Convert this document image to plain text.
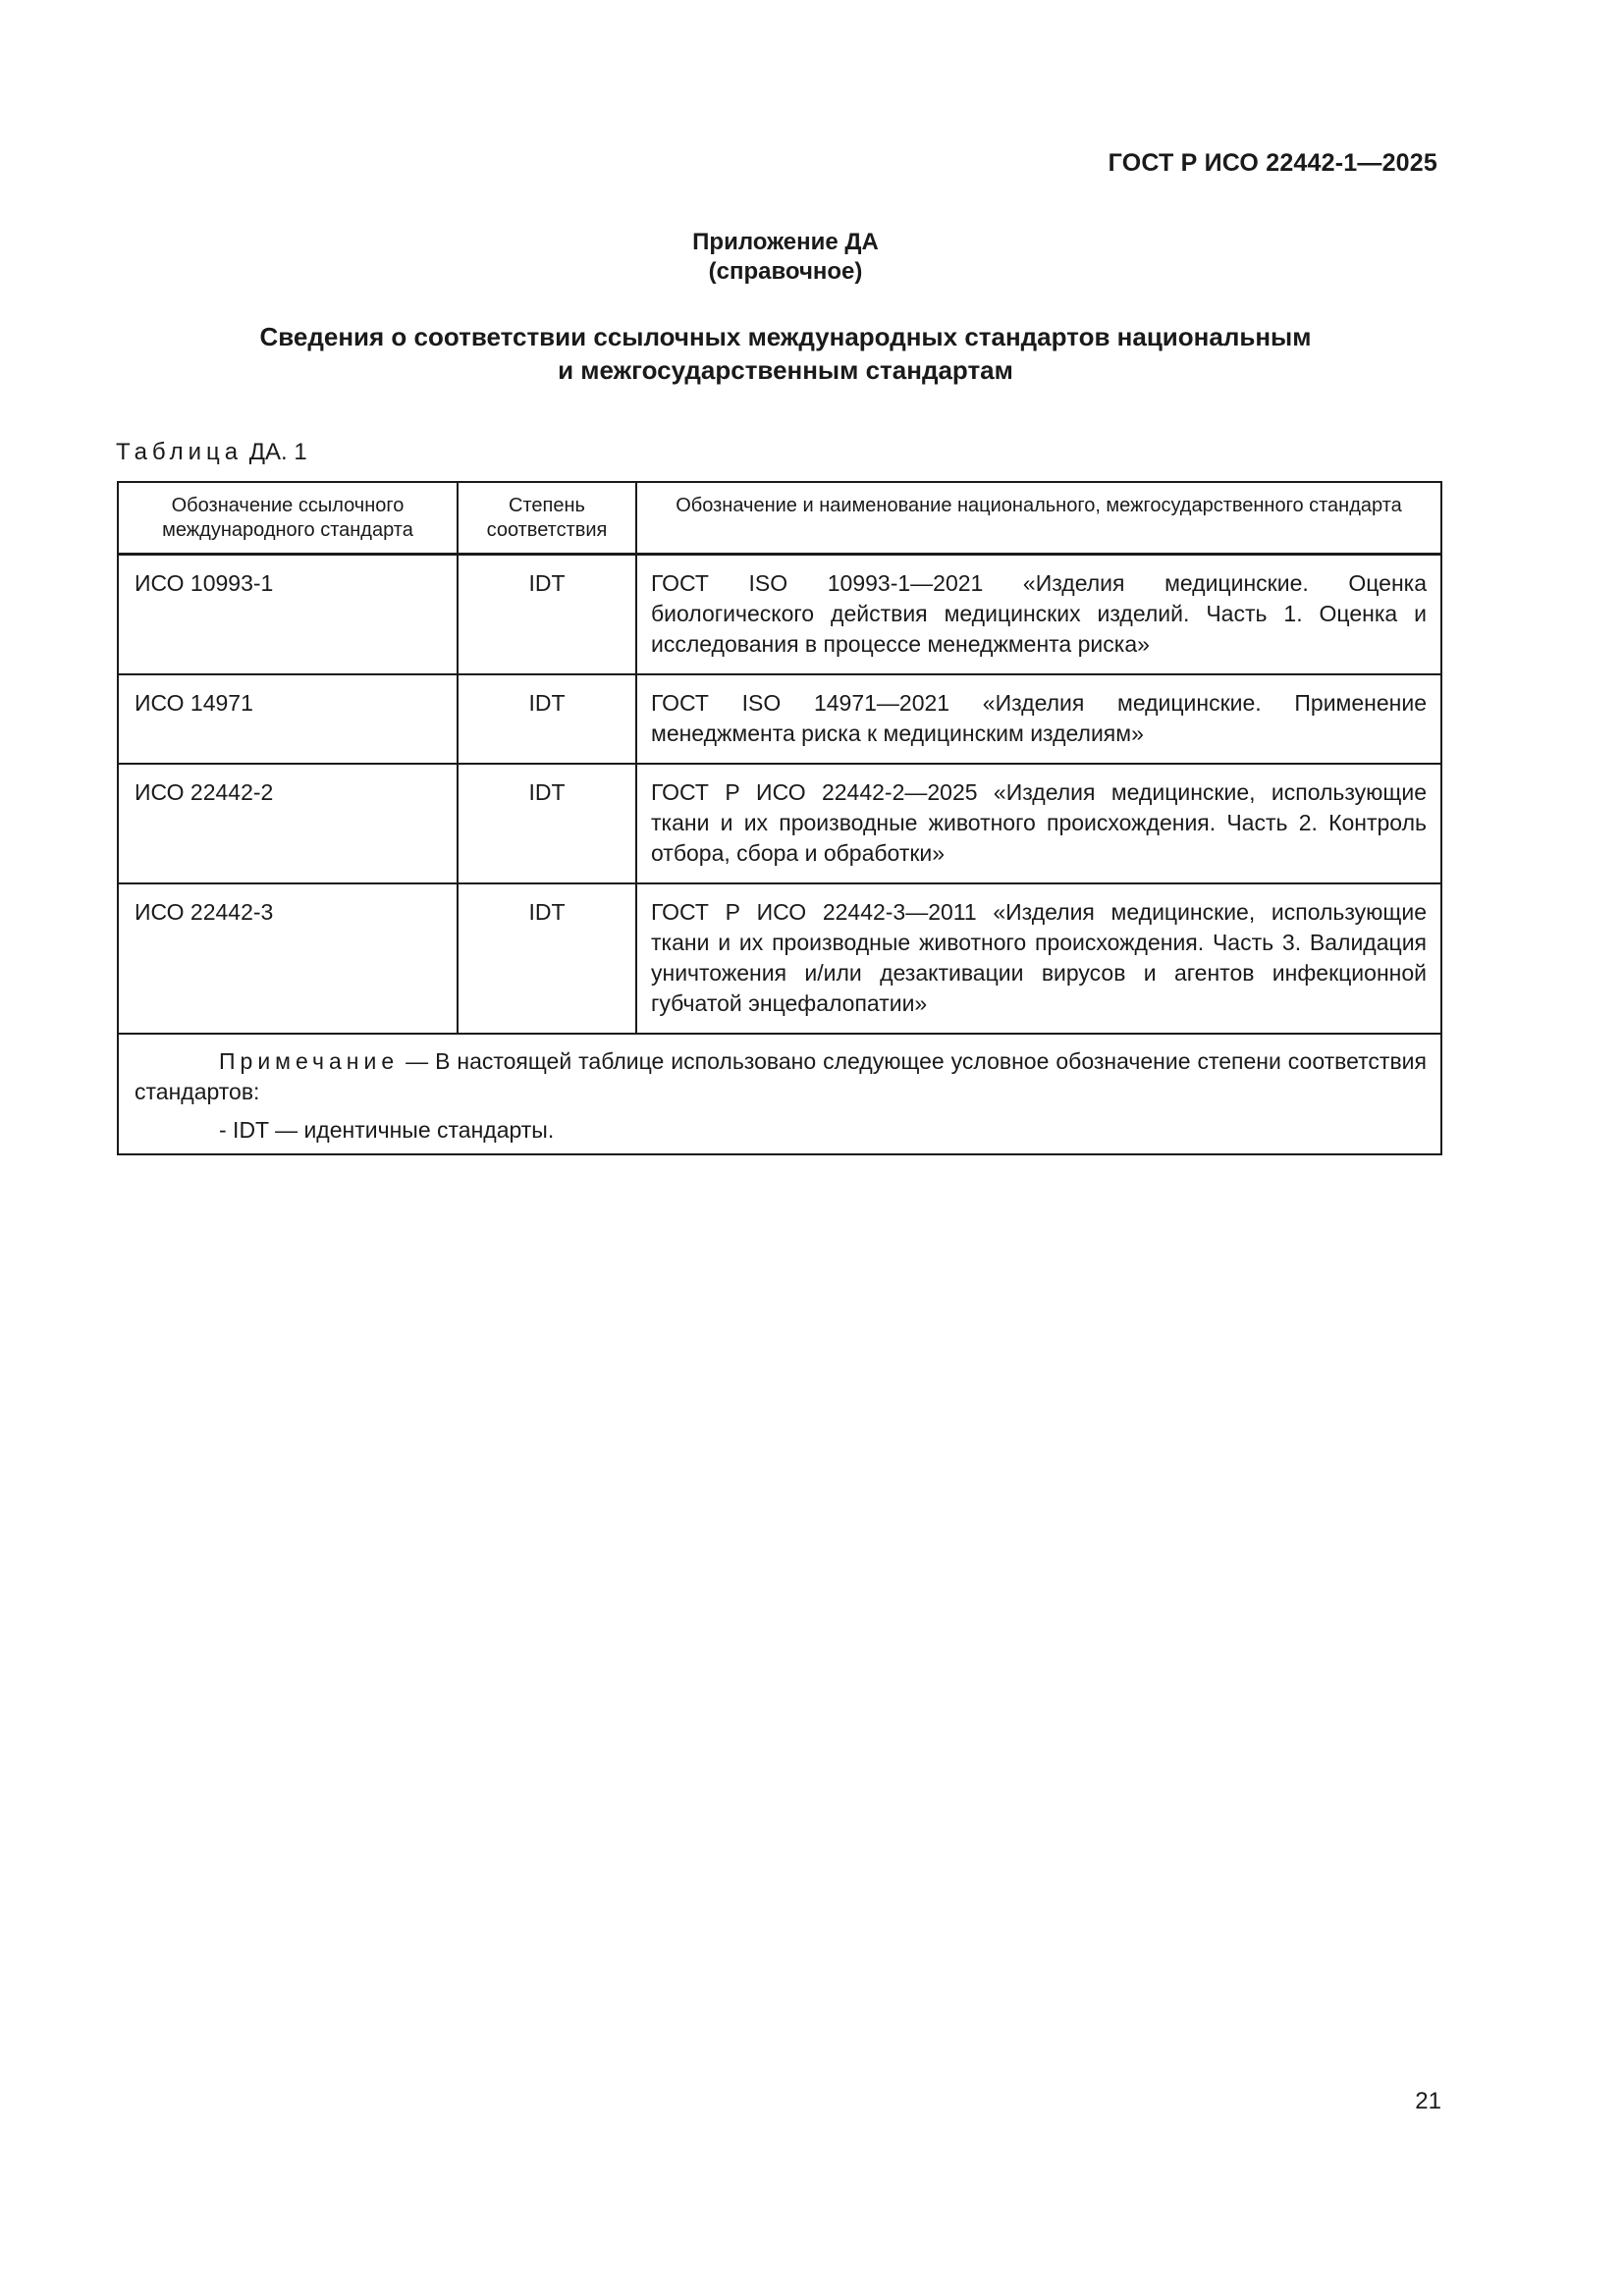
ГОСТ Р ИСО 22442-1—2025
Приложение ДА
(справочное)
Сведения о соответствии ссылочных международных стандартов национальным
и межгосударственным стандартам
Таблица ДА. 1
Обозначение ссылочного международного стандарта	Степень соответствия	Обозначение и наименование национального, межгосударственного стандарта
ИСО 10993-1	IDT	ГОСТ ISO 10993-1—2021 «Изделия медицинские. Оценка биологического действия медицинских изделий. Часть 1. Оценка и исследования в процессе менеджмента риска»
ИСО 14971	IDT	ГОСТ ISO 14971—2021 «Изделия медицинские. Применение менеджмента риска к медицинским изделиям»
ИСО 22442-2	IDT	ГОСТ Р ИСО 22442-2—2025 «Изделия медицинские, использующие ткани и их производные животного происхождения. Часть 2. Контроль отбора, сбора и обработки»
ИСО 22442-3	IDT	ГОСТ Р ИСО 22442-3—2011 «Изделия медицинские, использующие ткани и их производные животного происхождения. Часть 3. Валидация уничтожения и/или дезактивации вирусов и агентов инфекционной губчатой энцефалопатии»

Примечание — В настоящей таблице использовано следующее условное обозначение степени соответствия стандартов:
- IDT — идентичные стандарты.		
21
